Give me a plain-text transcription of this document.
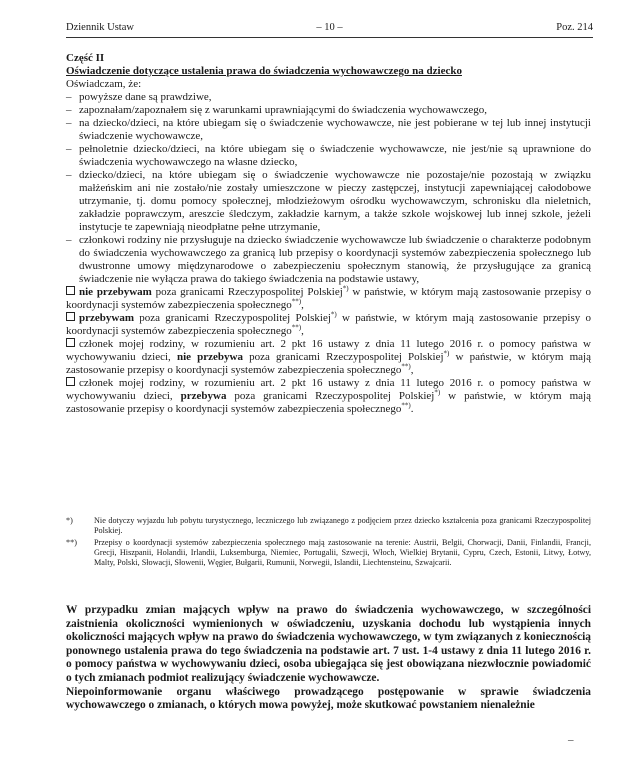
Dziennik Ustaw	– 10 –	Poz. 214
Część II
Oświadczenie dotyczące ustalenia prawa do świadczenia wychowawczego na dziecko

Oświadczam, że:

– powyższe dane są prawdziwe,

– zapoznałam/zapoznałem się z warunkami uprawniającymi do świadczenia wychowawczego,

– na dziecko/dzieci, na które ubiegam się o świadczenie wychowawcze, nie jest pobierane w tej lub innej instytucji świadczenie wychowawcze,

– pełnoletnie dziecko/dzieci, na które ubiegam się o świadczenie wychowawcze, nie jest/nie są uprawnione do świadczenia wychowawczego na własne dziecko,

– dziecko/dzieci, na które ubiegam się o świadczenie wychowawcze nie pozostaje/nie pozostają w związku małżeńskim ani nie zostało/nie zostały umieszczone w pieczy zastępczej, instytucji zapewniającej całodobowe utrzymanie, tj. domu pomocy społecznej, młodzieżowym ośrodku wychowawczym, schronisku dla nieletnich, zakładzie poprawczym, areszcie śledczym, zakładzie karnym, a także szkole wojskowej lub innej szkole, jeżeli instytucje te zapewniają nieodpłatne pełne utrzymanie,

– członkowi rodziny nie przysługuje na dziecko świadczenie wychowawcze lub świadczenie o charakterze podobnym do świadczenia wychowawczego za granicą lub przepisy o koordynacji systemów zabezpieczenia społecznego lub dwustronne umowy międzynarodowe o zabezpieczeniu społecznym stanowią, że przysługujące za granicą świadczenie nie wyłącza prawa do takiego świadczenia na podstawie ustawy,

nie przebywam poza granicami Rzeczypospolitej Polskiej*) w państwie, w którym mają zastosowanie przepisy o koordynacji systemów zabezpieczenia społecznego**),

przebywam poza granicami Rzeczypospolitej Polskiej*) w państwie, w którym mają zastosowanie przepisy o koordynacji systemów zabezpieczenia społecznego**),

członek mojej rodziny, w rozumieniu art. 2 pkt 16 ustawy z dnia 11 lutego 2016 r. o pomocy państwa w wychowywaniu dzieci, nie przebywa poza granicami Rzeczypospolitej Polskiej*) w państwie, w którym mają zastosowanie przepisy o koordynacji systemów zabezpieczenia społecznego**),

członek mojej rodziny, w rozumieniu art. 2 pkt 16 ustawy z dnia 11 lutego 2016 r. o pomocy państwa w wychowywaniu dzieci, przebywa poza granicami Rzeczypospolitej Polskiej*) w państwie, w którym mają zastosowanie przepisy o koordynacji systemów zabezpieczenia społecznego**).

*)	Nie dotyczy wyjazdu lub pobytu turystycznego, leczniczego lub związanego z podjęciem przez dziecko kształcenia poza granicami Rzeczypospolitej Polskiej.

**) Przepisy o koordynacji systemów zabezpieczenia społecznego mają zastosowanie na terenie: Austrii, Belgii, Chorwacji, Danii, Finlandii, Francji, Grecji, Hiszpanii, Holandii, Irlandii, Luksemburga, Niemiec, Portugalii, Szwecji, Włoch, Wielkiej Brytanii, Cypru, Czech, Estonii, Litwy, Łotwy, Malty, Polski, Słowacji, Słowenii, Węgier, Bułgarii, Rumunii, Norwegii, Islandii, Liechtensteinu, Szwajcarii.

W przypadku zmian mających wpływ na prawo do świadczenia wychowawczego, w szczególności zaistnienia okoliczności wymienionych w oświadczeniu, uzyskania dochodu lub wystąpienia innych okoliczności mających wpływ na prawo do świadczenia wychowawczego, w tym związanych z koniecznością ponownego ustalenia prawa do tego świadczenia na podstawie art. 7 ust. 1-4 ustawy z dnia 11 lutego 2016 r. o pomocy państwa w wychowywaniu dzieci, osoba ubiegająca się jest obowiązana niezwłocznie powiadomić o tych zmianach podmiot realizujący świadczenie wychowawcze.

Niepoinformowanie organu właściwego prowadzącego postępowanie w sprawie świadczenia wychowawczego o zmianach, o których mowa powyżej, może skutkować powstaniem nienależnie

–
